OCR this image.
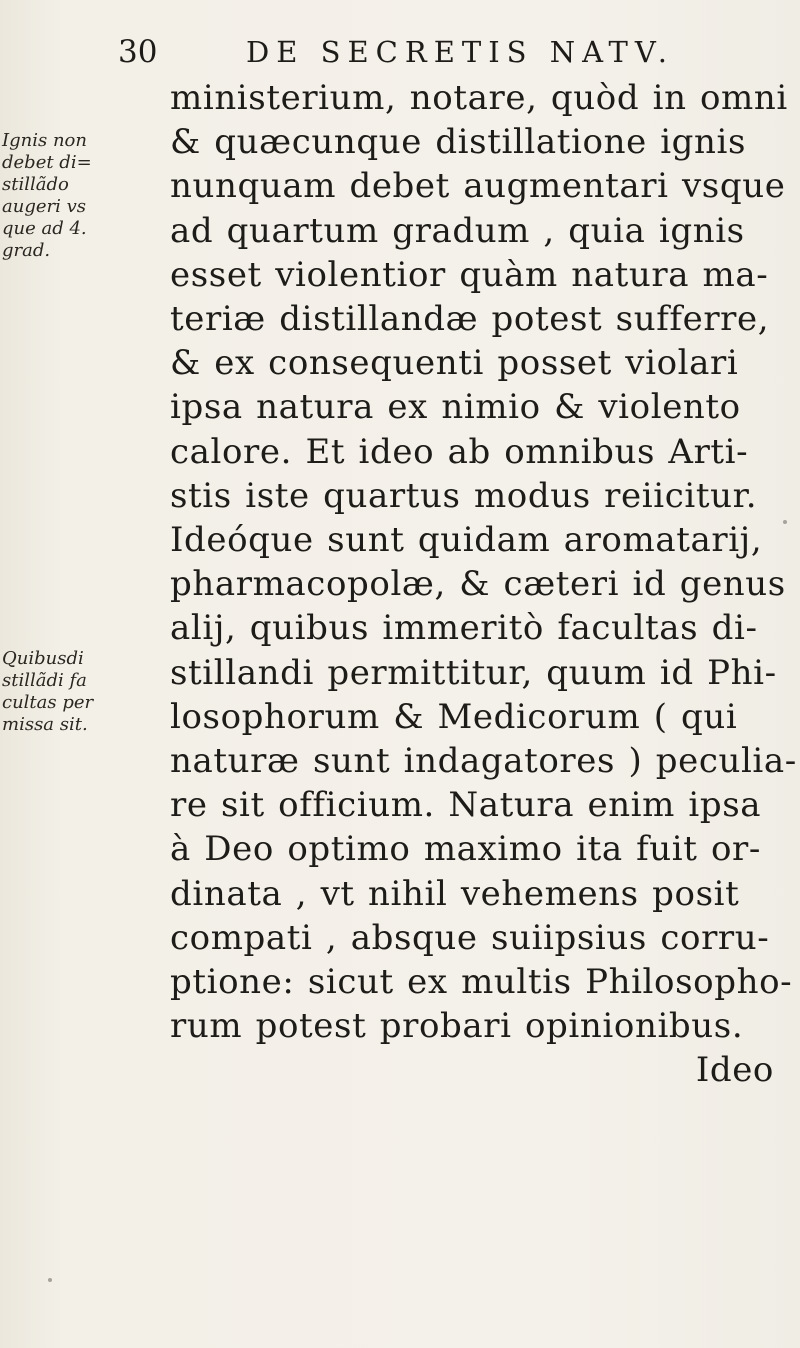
30	DE SECRETIS NATV.
Ignis non
debet di=
stillãdo
augeri vs
que ad 4.
grad.
Quibusdi
stillãdi fa
cultas per
missa sit.
ministerium, notare, quòd in omni
& quæcunque distillatione ignis
nunquam debet augmentari vsque
ad quartum gradum , quia ignis
esset violentior quàm natura ma-
teriæ distillandæ potest sufferre,
& ex consequenti posset violari
ipsa natura ex nimio & violento
calore. Et ideo ab omnibus Arti-
stis iste quartus modus reiicitur.
Ideóque sunt quidam aromatarij,
pharmacopolæ, & cæteri id genus
alij, quibus immeritò facultas di-
stillandi permittitur, quum id Phi-
losophorum & Medicorum ( qui
naturæ sunt indagatores ) peculia-
re sit officium. Natura enim ipsa
à Deo optimo maximo ita fuit or-
dinata , vt nihil vehemens posit
compati , absque suiipsius corru-
ptione: sicut ex multis Philosopho-
rum potest probari opinionibus.
Ideo
